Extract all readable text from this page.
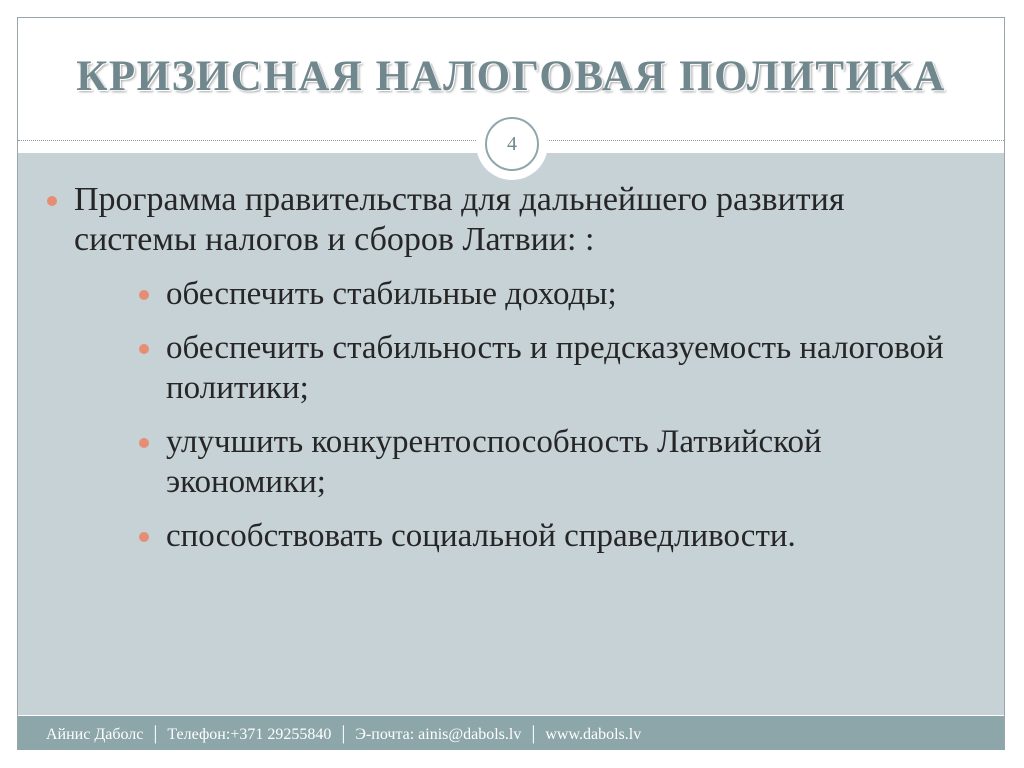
КРИЗИСНАЯ НАЛОГОВАЯ ПОЛИТИКА
4
Программа правительства для дальнейшего развития системы налогов и сборов Латвии: :
обеспечить стабильные доходы;
обеспечить стабильность и предсказуемость налоговой политики;
улучшить конкурентоспособность Латвийской экономики;
способствовать социальной справедливости.
Айнис Даболс | Телефон:+371 29255840 | Э-почта: ainis@dabols.lv | www.dabols.lv
